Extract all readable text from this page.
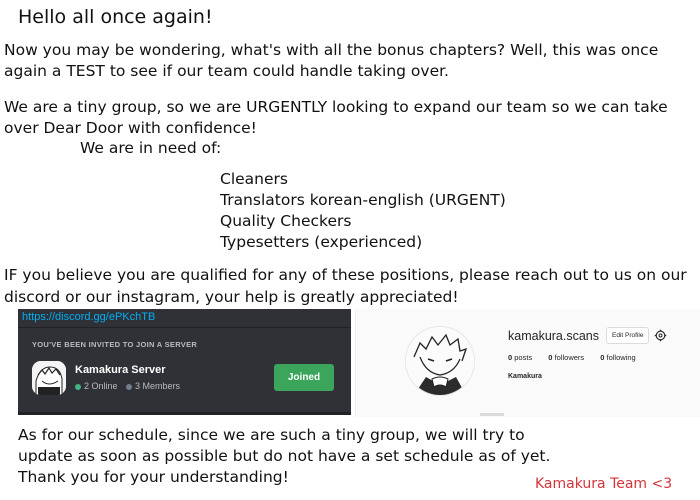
Hello all once again!
Now you may be wondering, what's with all the bonus chapters? Well, this was once again a TEST to see if our team could handle taking over.
We are a tiny group, so we are URGENTLY looking to expand our team so we can take over Dear Door with confidence!
We are in need of:
Cleaners
Translators korean-english (URGENT)
Quality Checkers
Typesetters (experienced)
IF you believe you are qualified for any of these positions, please reach out to us on our discord or our instagram, your help is greatly appreciated!
https://discord.gg/ePKchTB
YOU'VE BEEN INVITED TO JOIN A SERVER
Kamakura Server
2 Online 3 Members
Joined
kamakura.scans	Edit Profile
0 posts 0 followers 0 following
Kamakura
As for our schedule, since we are such a tiny group, we will try to update as soon as possible but do not have a set schedule as of yet. Thank you for your understanding!	Kamakura Team <3
